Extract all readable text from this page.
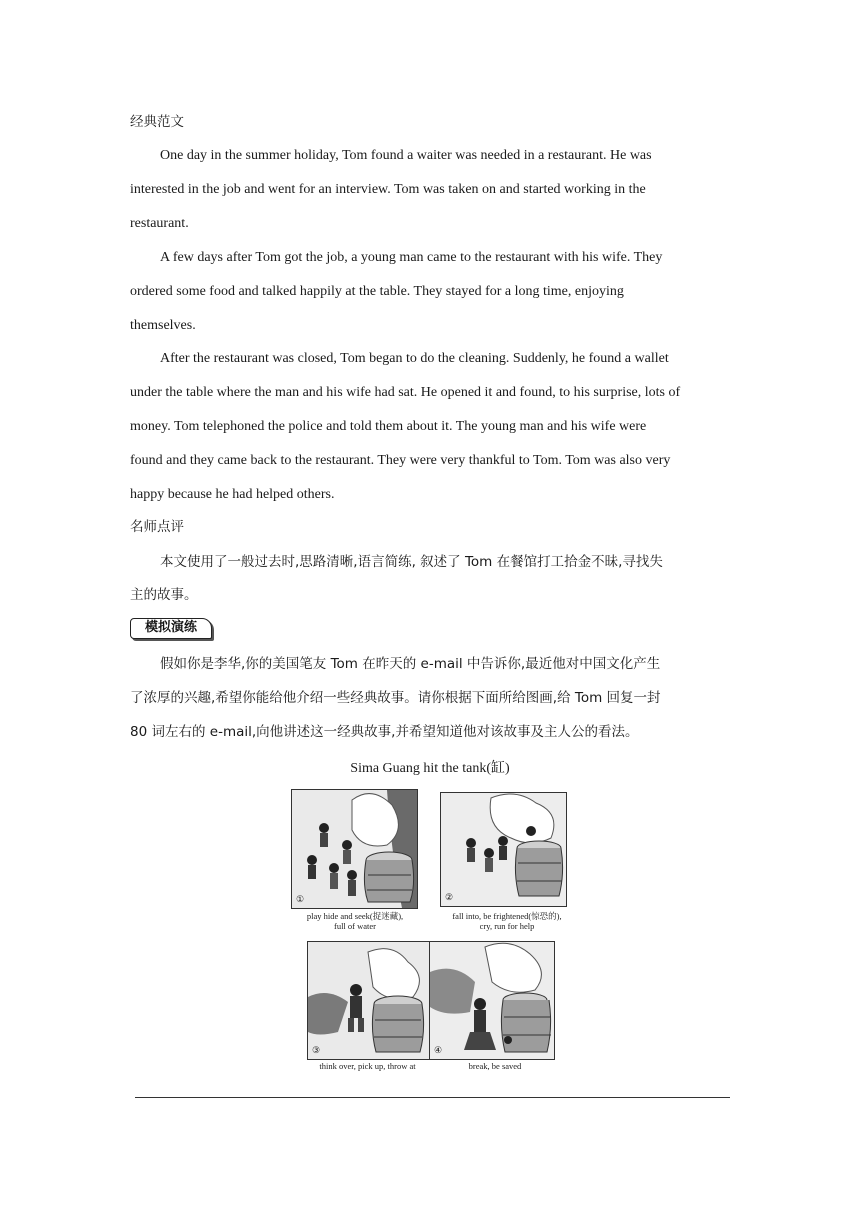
经典范文
One day in the summer holiday, Tom found a waiter was needed in a restaurant. He was
interested in the job and went for an interview. Tom was taken on and started working in the
restaurant.
A few days after Tom got the job, a young man came to the restaurant with his wife. They
ordered some food and talked happily at the table. They stayed for a long time, enjoying
themselves.
After the restaurant was closed, Tom began to do the cleaning. Suddenly, he found a wallet
under the table where the man and his wife had sat. He opened it and found, to his surprise, lots of
money. Tom telephoned the police and told them about it. The young man and his wife were
found and they came back to the restaurant. They were very thankful to Tom. Tom was also very
happy because he had helped others.
名师点评
本文使用了一般过去时,思路清晰,语言简练, 叙述了 Tom 在餐馆打工拾金不昧,寻找失
主的故事。
模拟演练
假如你是李华,你的美国笔友 Tom 在昨天的 e-mail 中告诉你,最近他对中国文化产生
了浓厚的兴趣,希望你能给他介绍一些经典故事。请你根据下面所给图画,给 Tom 回复一封
80 词左右的 e-mail,向他讲述这一经典故事,并希望知道他对该故事及主人公的看法。
Sima Guang hit the tank(缸)
①
play hide and seek(捉迷藏),
full of water
②
fall into, be frightened(惊恐的),
cry, run for help
③
think over, pick up, throw at
④
break, be saved
